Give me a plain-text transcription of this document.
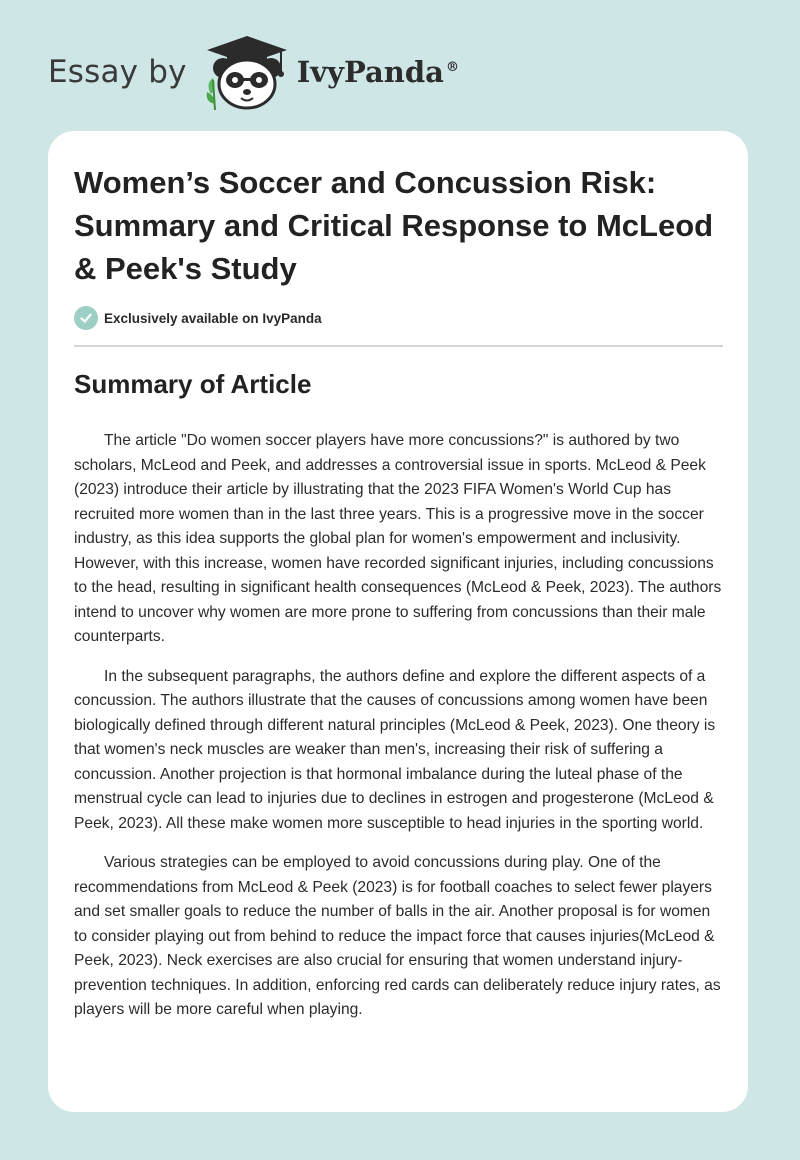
Essay by	IvyPanda ®
Women’s Soccer and Concussion Risk: Summary and Critical Response to McLeod & Peek's Study
Exclusively available on IvyPanda
Summary of Article

The article "Do women soccer players have more concussions?" is authored by two scholars, McLeod and Peek, and addresses a controversial issue in sports. McLeod & Peek (2023) introduce their article by illustrating that the 2023 FIFA Women's World Cup has recruited more women than in the last three years. This is a progressive move in the soccer industry, as this idea supports the global plan for women's empowerment and inclusivity. However, with this increase, women have recorded significant injuries, including concussions to the head, resulting in significant health consequences (McLeod & Peek, 2023). The authors intend to uncover why women are more prone to suffering from concussions than their male counterparts.

In the subsequent paragraphs, the authors define and explore the different aspects of a concussion. The authors illustrate that the causes of concussions among women have been biologically defined through different natural principles (McLeod & Peek, 2023). One theory is that women's neck muscles are weaker than men's, increasing their risk of suffering a concussion. Another projection is that hormonal imbalance during the luteal phase of the menstrual cycle can lead to injuries due to declines in estrogen and progesterone (McLeod & Peek, 2023). All these make women more susceptible to head injuries in the sporting world.

Various strategies can be employed to avoid concussions during play. One of the recommendations from McLeod & Peek (2023) is for football coaches to select fewer players and set smaller goals to reduce the number of balls in the air. Another proposal is for women to consider playing out from behind to reduce the impact force that causes injuries(McLeod & Peek, 2023). Neck exercises are also crucial for ensuring that women understand injury-prevention techniques. In addition, enforcing red cards can deliberately reduce injury rates, as players will be more careful when playing.
